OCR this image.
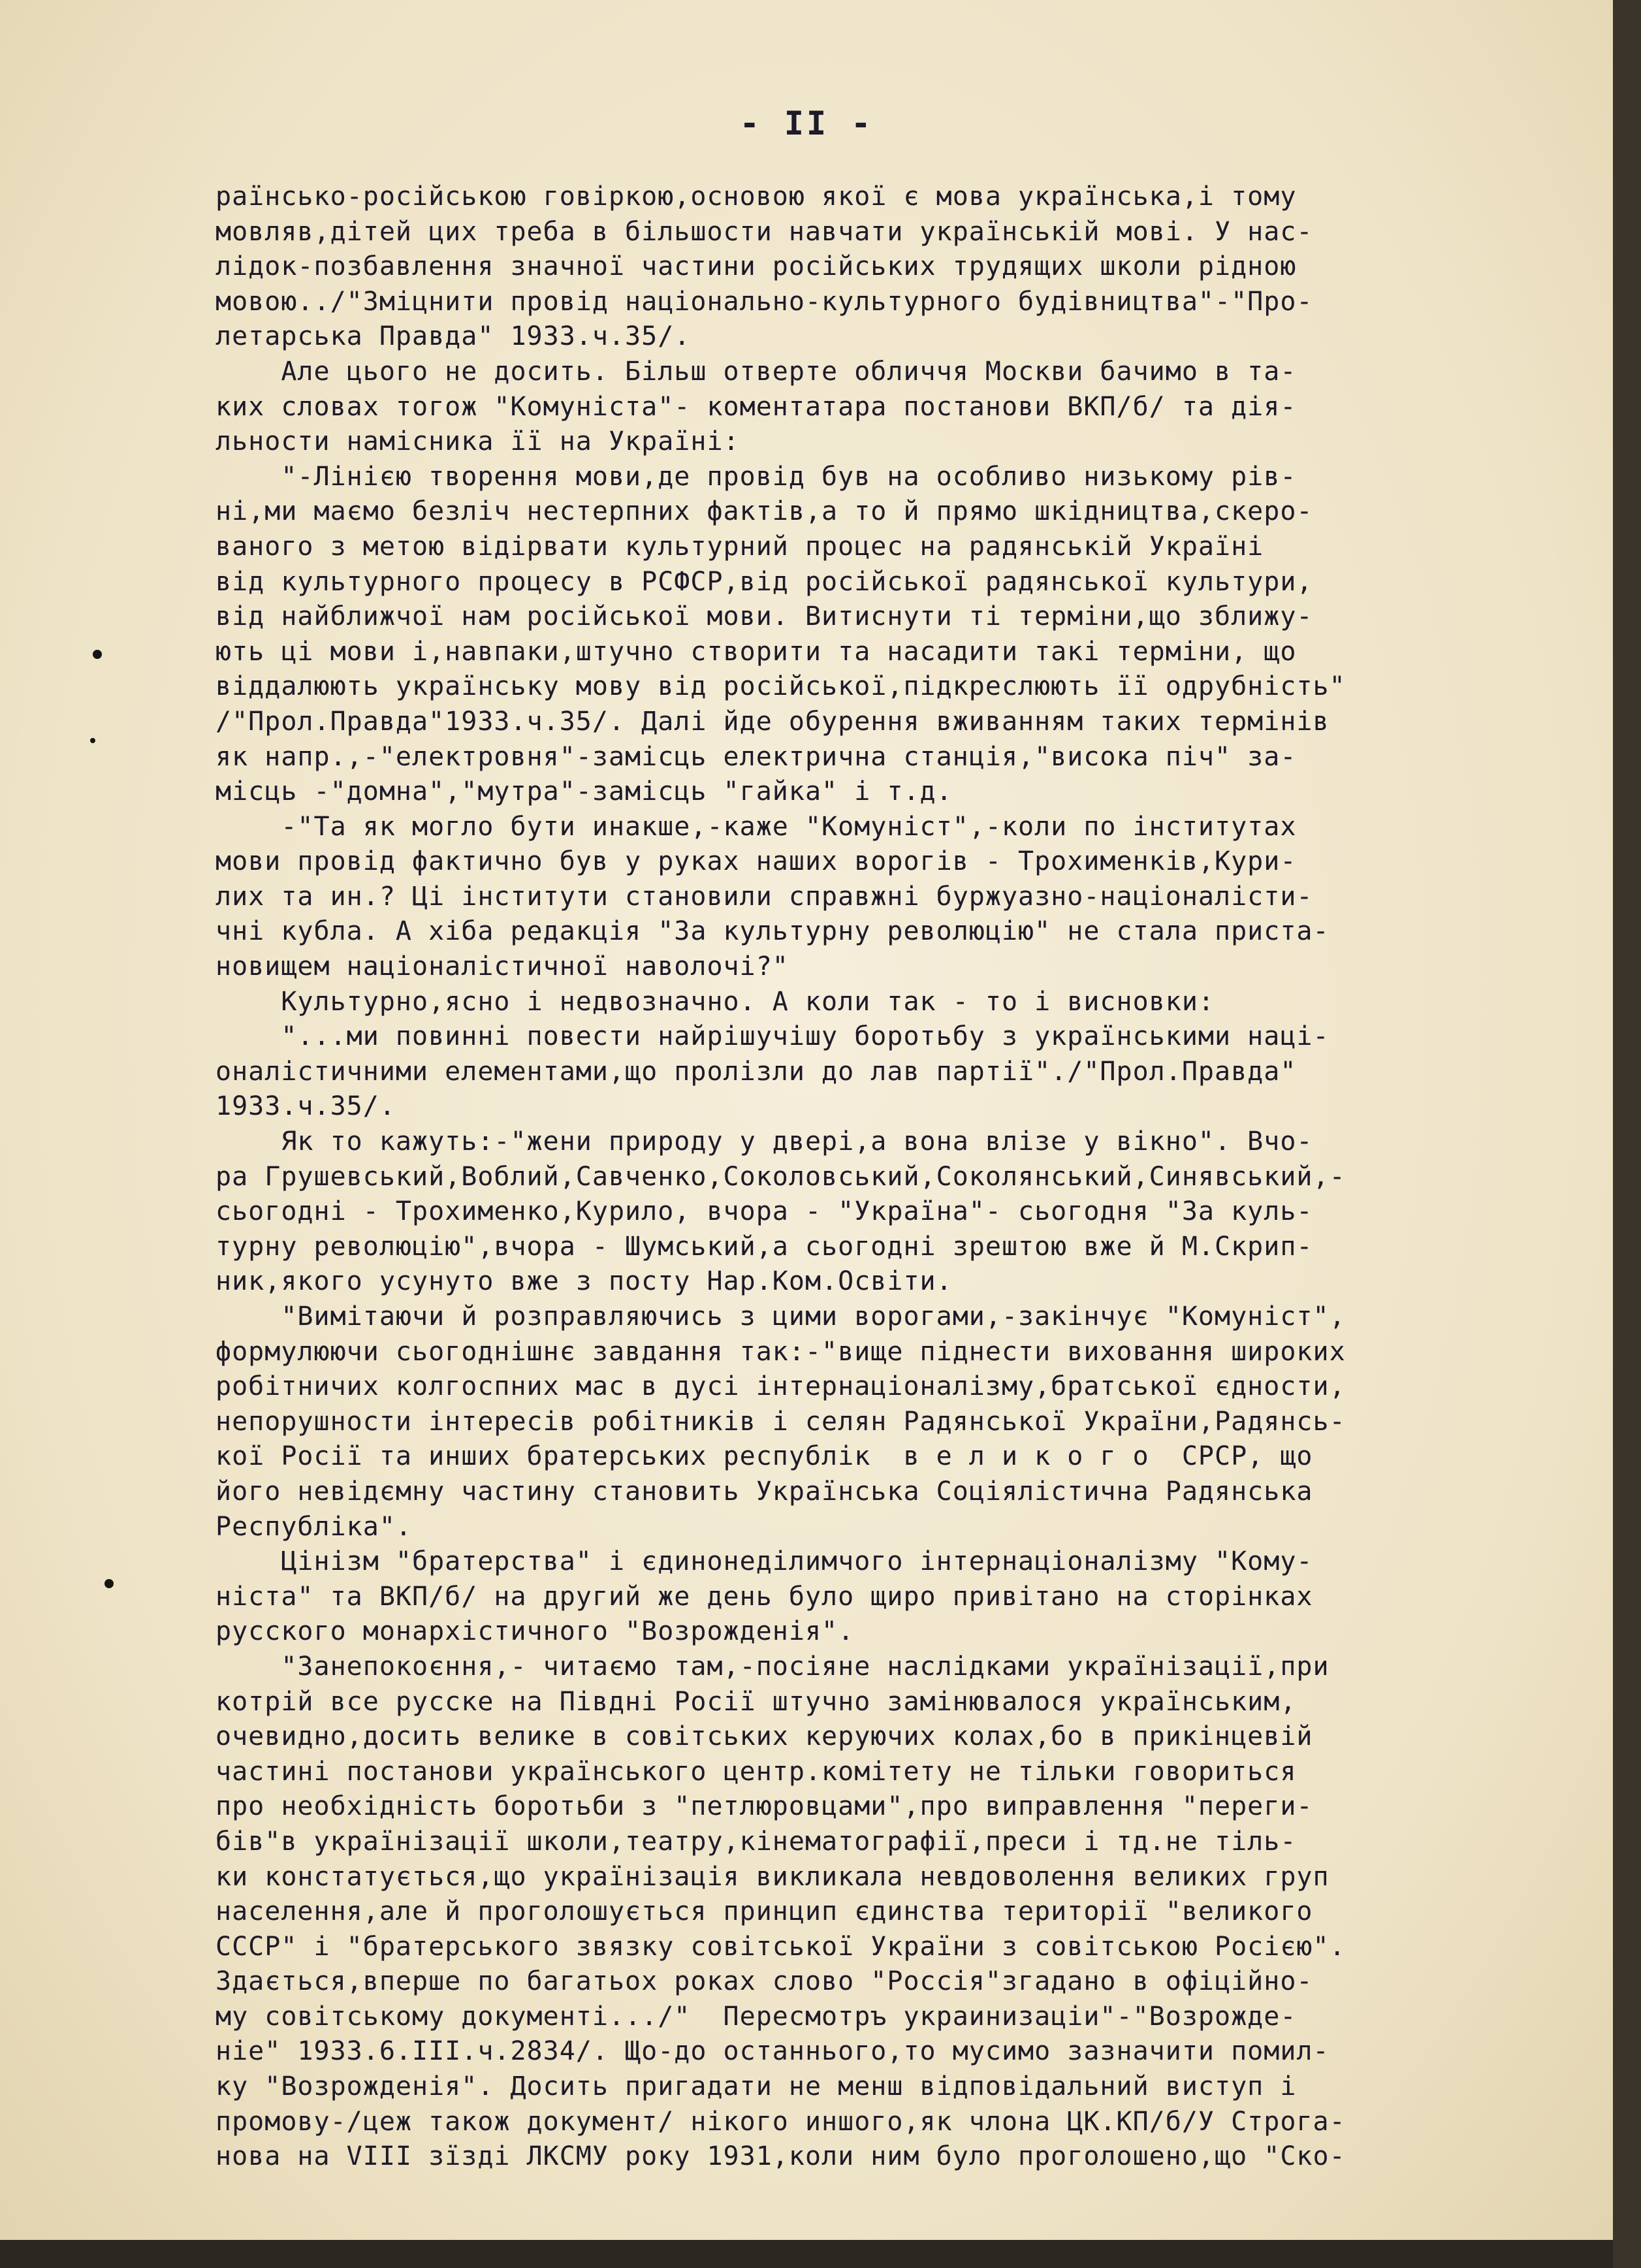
- II -
раїнсько-російською говіркою,основою якої є мова українська,і тому
мовляв,дітей цих треба в більшости навчати українській мові. У нас-
лідок-позбавлення значної частини російських трудящих школи рідною
мовою../"Зміцнити провід національно-культурного будівництва"-"Про-
летарська Правда" 1933.ч.35/.
Але цього не досить. Більш отверте обличчя Москви бачимо в та-
ких словах тогож "Комуніста"- коментатара постанови ВКП/б/ та дія-
льности намісника її на Україні:
"-Лінією творення мови,де провід був на особливо низькому рів-
ні,ми маємо безліч нестерпних фактів,а то й прямо шкідництва,скеро-
ваного з метою відірвати культурний процес на радянській Україні
від культурного процесу в РСФСР,від російської радянської культури,
від найближчої нам російської мови. Витиснути ті терміни,що зближу-
ють ці мови і,навпаки,штучно створити та насадити такі терміни, що
віддалюють українську мову від російської,підкреслюють її одрубність"
/"Прол.Правда"1933.ч.35/. Далі йде обурення вживанням таких термінів
як напр.,-"електровня"-замісць електрична станція,"висока піч" за-
місць -"домна","мутра"-замісць "гайка" і т.д.
-"Та як могло бути инакше,-каже "Комуніст",-коли по інститутах
мови провід фактично був у руках наших ворогів - Трохименків,Кури-
лих та ин.? Ці інститути становили справжні буржуазно-націоналісти-
чні кубла. А хіба редакція "За культурну революцію" не стала приста-
новищем націоналістичної наволочі?"
Культурно,ясно і недвозначно. А коли так - то і висновки:
"...ми повинні повести найрішучішу боротьбу з українськими наці-
оналістичними елементами,що пролізли до лав партії"./"Прол.Правда"
1933.ч.35/.
Як то кажуть:-"жени природу у двері,а вона влізе у вікно". Вчо-
ра Грушевський,Воблий,Савченко,Соколовський,Соколянський,Синявський,-
сьогодні - Трохименко,Курило, вчора - "Україна"- сьогодня "За куль-
турну революцію",вчора - Шумський,а сьогодні зрештою вже й М.Скрип-
ник,якого усунуто вже з посту Нар.Ком.Освіти.
"Вимітаючи й розправляючись з цими ворогами,-закінчує "Комуніст",
формулюючи сьогоднішнє завдання так:-"вище піднести виховання широких
робітничих колгоспних мас в дусі інтернаціоналізму,братської єдности,
непорушности інтересів робітників і селян Радянської України,Радянсь-
кої Росії та инших братерських республік  в е л и к о г о  СРСР, що
його невідємну частину становить Українська Соціялістична Радянська
Республіка".
Цінізм "братерства" і єдинонеділимчого інтернаціоналізму "Кому-
ніста" та ВКП/б/ на другий же день було щиро привітано на сторінках
русского монархістичного "Возрожденія".
"Занепокоєння,- читаємо там,-посіяне наслідками українізації,при
котрій все русске на Півдні Росії штучно замінювалося українським,
очевидно,досить велике в совітських керуючих колах,бо в прикінцевій
частині постанови українського центр.комітету не тільки говориться
про необхідність боротьби з "петлюровцами",про виправлення "переги-
бів"в українізації школи,театру,кінематографії,преси і тд.не тіль-
ки констатується,що українізація викликала невдоволення великих груп
населення,але й проголошується принцип єдинства території "великого
СССР" і "братерського звязку совітської України з совітською Росією".
Здається,вперше по багатьох роках слово "Россія"згадано в офіційно-
му совітському документі.../"  Пересмотръ украинизаціи"-"Возрожде-
ніе" 1933.6.III.ч.2834/. Що-до останнього,то мусимо зазначити помил-
ку "Возрожденія". Досить пригадати не менш відповідальний виступ і
промову-/цеж також документ/ нікого иншого,як члона ЦК.КП/б/У Строга-
нова на VIII зїзді ЛКСМУ року 1931,коли ним було проголошено,що "Ско-
